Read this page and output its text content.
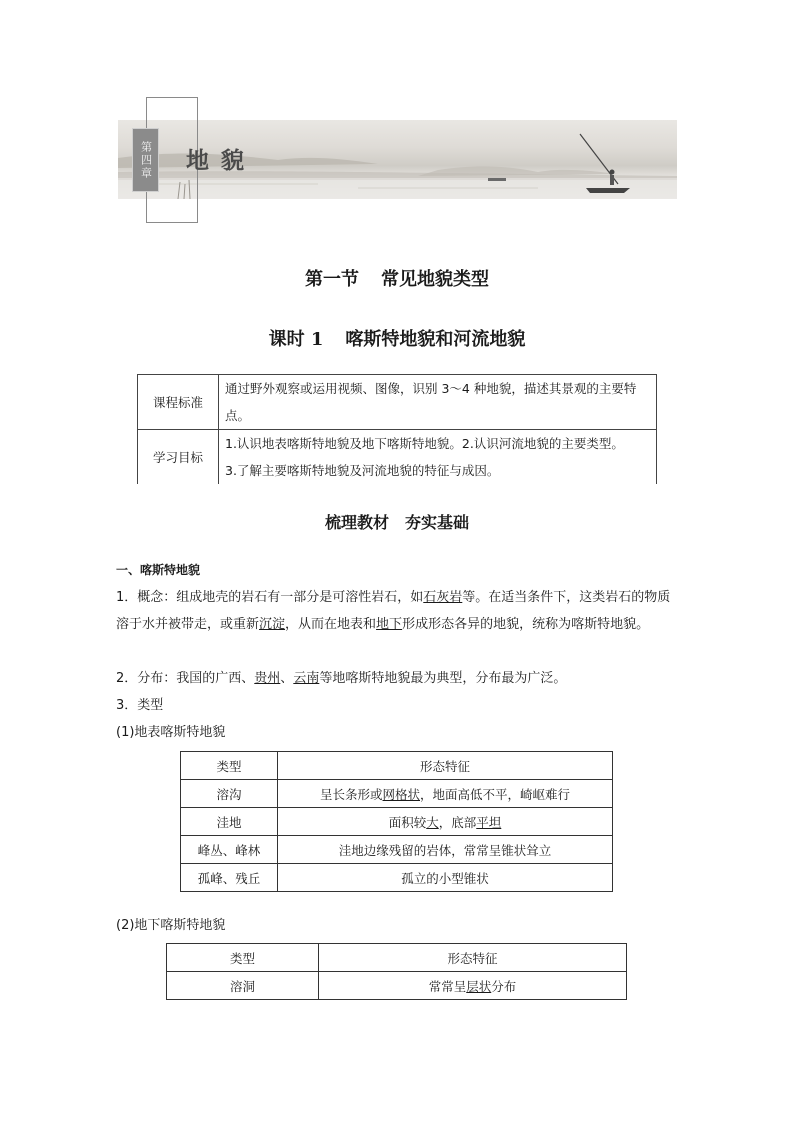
第四章 地貌
第一节 常见地貌类型
课时 1 喀斯特地貌和河流地貌
课程标准	通过野外观察或运用视频、图像，识别 3～4 种地貌，描述其景观的主要特点。
学习目标	1.认识地表喀斯特地貌及地下喀斯特地貌。2.认识河流地貌的主要类型。
3.了解主要喀斯特地貌及河流地貌的特征与成因。
梳理教材　夯实基础
一、喀斯特地貌
1．概念：组成地壳的岩石有一部分是可溶性岩石，如石灰岩等。在适当条件下，这类岩石的物质溶于水并被带走，或重新沉淀，从而在地表和地下形成形态各异的地貌，统称为喀斯特地貌。
2．分布：我国的广西、贵州、云南等地喀斯特地貌最为典型，分布最为广泛。
3．类型
(1)地表喀斯特地貌
类型	形态特征
溶沟	呈长条形或网格状，地面高低不平，崎岖难行
洼地	面积较大，底部平坦
峰丛、峰林	洼地边缘残留的岩体，常常呈锥状耸立
孤峰、残丘	孤立的小型锥状
(2)地下喀斯特地貌
类型	形态特征
溶洞	常常呈层状分布
